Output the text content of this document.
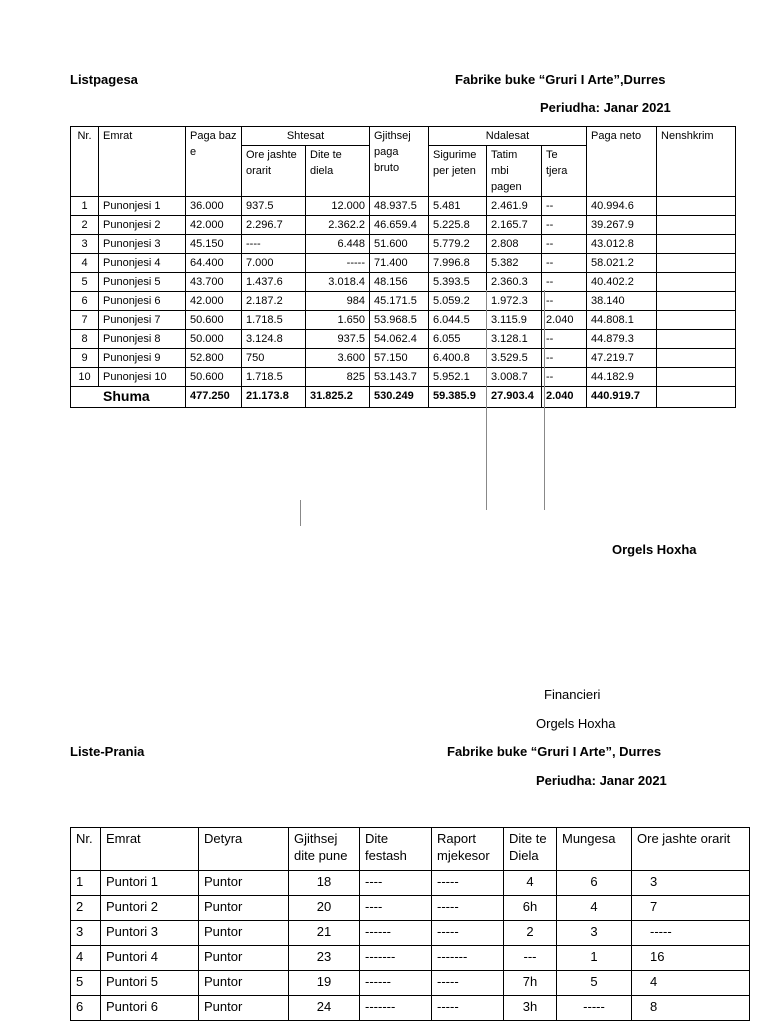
Listpagesa	Fabrike buke “Gruri I Arte”,Durres
Periudha: Janar 2021
Nr.	Emrat	Paga baze	Shtesat		Gjithsej paga bruto	Ndalesat			Paga neto	Nenshkrim
			Ore jashte orarit	Dite te diela		Sigurime per jeten	Tatim mbi pagen	Te tjera		
1	Punonjesi 1	36.000	937.5	12.000	48.937.5	5.481	2.461.9	--	40.994.6	
2	Punonjesi 2	42.000	2.296.7	2.362.2	46.659.4	5.225.8	2.165.7	--	39.267.9	
3	Punonjesi 3	45.150	----	6.448	51.600	5.779.2	2.808	--	43.012.8	
4	Punonjesi 4	64.400	7.000	-----	71.400	7.996.8	5.382	--	58.021.2	
5	Punonjesi 5	43.700	1.437.6	3.018.4	48.156	5.393.5	2.360.3	--	40.402.2	
6	Punonjesi 6	42.000	2.187.2	984	45.171.5	5.059.2	1.972.3	--	38.140	
7	Punonjesi 7	50.600	1.718.5	1.650	53.968.5	6.044.5	3.115.9	2.040	44.808.1	
8	Punonjesi 8	50.000	3.124.8	937.5	54.062.4	6.055	3.128.1	--	44.879.3	
9	Punonjesi 9	52.800	750	3.600	57.150	6.400.8	3.529.5	--	47.219.7	
10	Punonjesi 10	50.600	1.718.5	825	53.143.7	5.952.1	3.008.7	--	44.182.9	
Shuma		477.250	21.173.8	31.825.2	530.249	59.385.9	27.903.4	2.040	440.919.7	
Orgels Hoxha
Financieri
Orgels Hoxha
Liste-Prania	Fabrike buke “Gruri I Arte”, Durres
Periudha: Janar 2021
Nr.	Emrat	Detyra	Gjithsej dite pune	Dite festash	Raport mjekesor	Dite te Diela	Mungesa	Ore jashte orarit
1	Puntori 1	Puntor	18	----	-----	4	6	3
2	Puntori 2	Puntor	20	----	-----	6h	4	7
3	Puntori 3	Puntor	21	------	-----	2	3	-----
4	Puntori 4	Puntor	23	-------	-------	---	1	16
5	Puntori 5	Puntor	19	------	-----	7h	5	4
6	Puntori 6	Puntor	24	-------	-----	3h	-----	8
